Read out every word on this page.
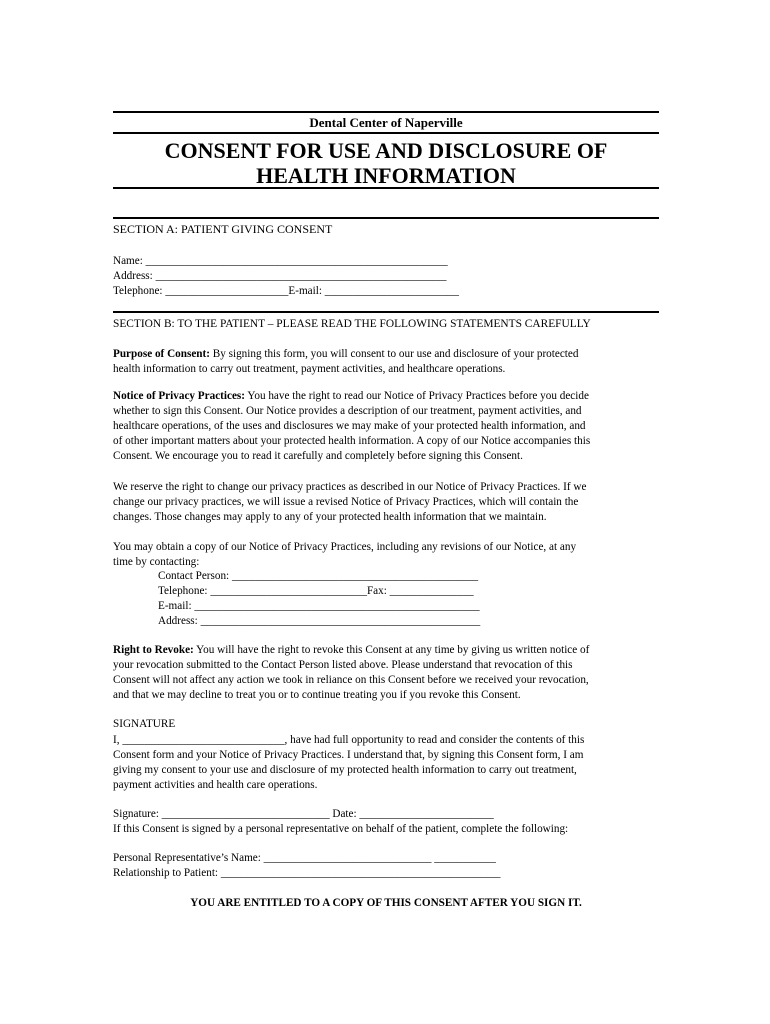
Dental Center of Naperville
CONSENT FOR USE AND DISCLOSURE OF
HEALTH INFORMATION
SECTION A: PATIENT GIVING CONSENT
Name: ______________________________________________________
Address: ____________________________________________________
Telephone: ______________________E-mail: ________________________
SECTION B: TO THE PATIENT – PLEASE READ THE FOLLOWING STATEMENTS CAREFULLY
Purpose of Consent: By signing this form, you will consent to our use and disclosure of your protected
health information to carry out treatment, payment activities, and healthcare operations.
Notice of Privacy Practices: You have the right to read our Notice of Privacy Practices before you decide
whether to sign this Consent. Our Notice provides a description of our treatment, payment activities, and
healthcare operations, of the uses and disclosures we may make of your protected health information, and
of other important matters about your protected health information. A copy of our Notice accompanies this
Consent. We encourage you to read it carefully and completely before signing this Consent.
We reserve the right to change our privacy practices as described in our Notice of Privacy Practices. If we
change our privacy practices, we will issue a revised Notice of Privacy Practices, which will contain the
changes. Those changes may apply to any of your protected health information that we maintain.
You may obtain a copy of our Notice of Privacy Practices, including any revisions of our Notice, at any
time by contacting:
Contact Person: ____________________________________________
Telephone: ____________________________Fax: _______________
E-mail: ___________________________________________________
Address: __________________________________________________
Right to Revoke: You will have the right to revoke this Consent at any time by giving us written notice of
your revocation submitted to the Contact Person listed above. Please understand that revocation of this
Consent will not affect any action we took in reliance on this Consent before we received your revocation,
and that we may decline to treat you or to continue treating you if you revoke this Consent.
SIGNATURE
I, _____________________________, have had full opportunity to read and consider the contents of this
Consent form and your Notice of Privacy Practices. I understand that, by signing this Consent form, I am
giving my consent to your use and disclosure of my protected health information to carry out treatment,
payment activities and health care operations.
Signature: ______________________________ Date: ________________________
If this Consent is signed by a personal representative on behalf of the patient, complete the following:
Personal Representative’s Name: ______________________________ ___________
Relationship to Patient: __________________________________________________
YOU ARE ENTITLED TO A COPY OF THIS CONSENT AFTER YOU SIGN IT.
